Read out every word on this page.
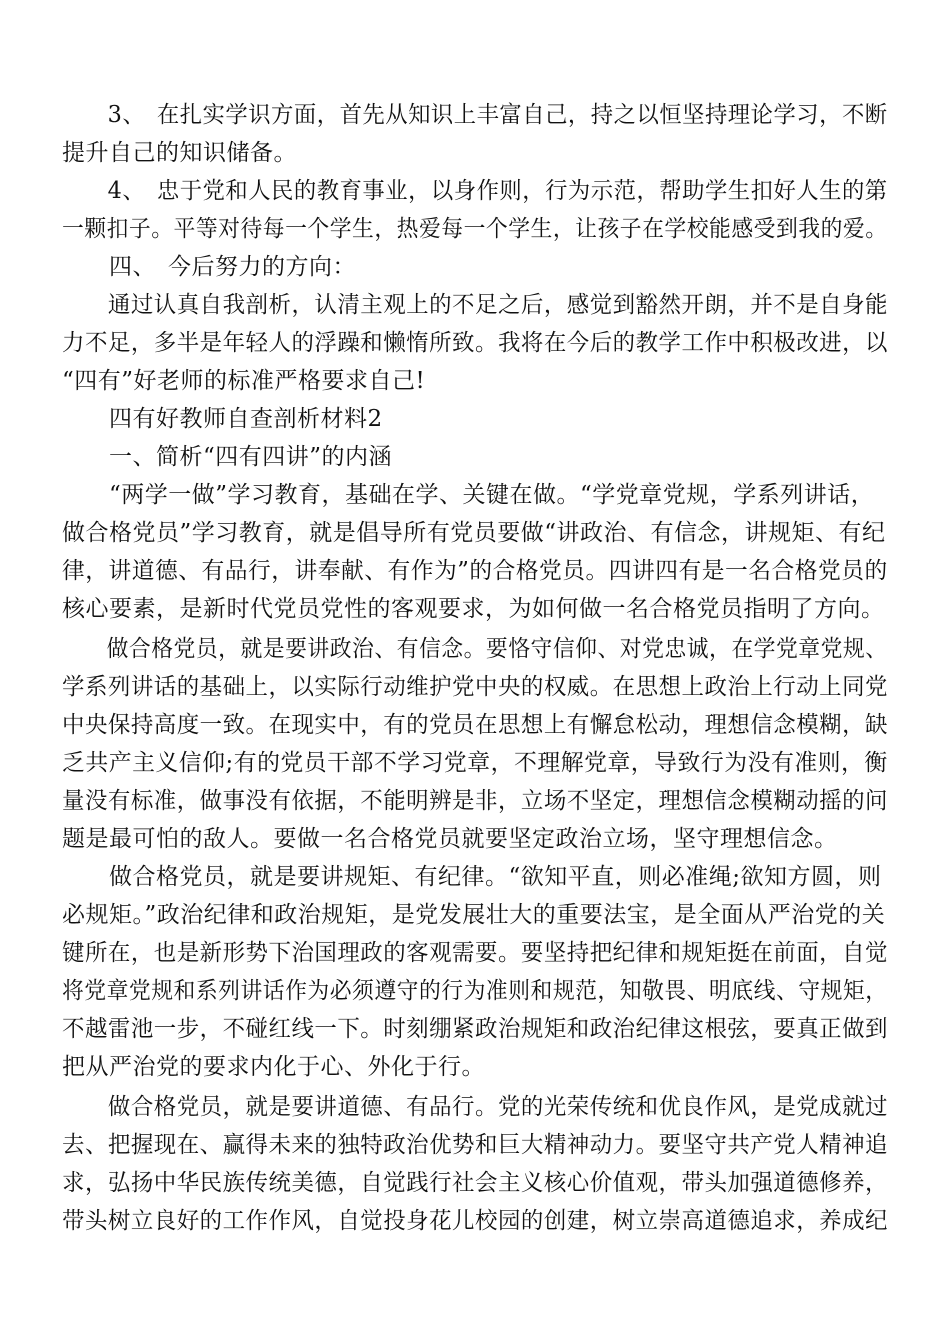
　　3、　在扎实学识方面，首先从知识上丰富自己，持之以恒坚持理论学习，不断
提升自己的知识储备。
　　4、　忠于党和人民的教育事业，以身作则，行为示范，帮助学生扣好人生的第
一颗扣子。平等对待每一个学生，热爱每一个学生，让孩子在学校能感受到我的爱。
　　四、　今后努力的方向：
　　通过认真自我剖析，认清主观上的不足之后，感觉到豁然开朗，并不是自身能
力不足，多半是年轻人的浮躁和懒惰所致。我将在今后的教学工作中积极改进，以
“四有”好老师的标准严格要求自己!
　　四有好教师自查剖析材料2
　　一、简析“四有四讲”的内涵
　　“两学一做”学习教育，基础在学、关键在做。“学党章党规，学系列讲话，
做合格党员”学习教育，就是倡导所有党员要做“讲政治、有信念，讲规矩、有纪
律，讲道德、有品行，讲奉献、有作为”的合格党员。四讲四有是一名合格党员的
核心要素，是新时代党员党性的客观要求，为如何做一名合格党员指明了方向。
　　做合格党员，就是要讲政治、有信念。要恪守信仰、对党忠诚，在学党章党规、
学系列讲话的基础上，以实际行动维护党中央的权威。在思想上政治上行动上同党
中央保持高度一致。在现实中，有的党员在思想上有懈怠松动，理想信念模糊，缺
乏共产主义信仰;有的党员干部不学习党章，不理解党章，导致行为没有准则，衡
量没有标准，做事没有依据，不能明辨是非，立场不坚定，理想信念模糊动摇的问
题是最可怕的敌人。要做一名合格党员就要坚定政治立场，坚守理想信念。
　　做合格党员，就是要讲规矩、有纪律。“欲知平直，则必准绳;欲知方圆，则
必规矩。”政治纪律和政治规矩，是党发展壮大的重要法宝，是全面从严治党的关
键所在，也是新形势下治国理政的客观需要。要坚持把纪律和规矩挺在前面，自觉
将党章党规和系列讲话作为必须遵守的行为准则和规范，知敬畏、明底线、守规矩，
不越雷池一步，不碰红线一下。时刻绷紧政治规矩和政治纪律这根弦，要真正做到
把从严治党的要求内化于心、外化于行。
　　做合格党员，就是要讲道德、有品行。党的光荣传统和优良作风，是党成就过
去、把握现在、赢得未来的独特政治优势和巨大精神动力。要坚守共产党人精神追
求，弘扬中华民族传统美德，自觉践行社会主义核心价值观，带头加强道德修养，
带头树立良好的工作作风，自觉投身花儿校园的创建，树立崇高道德追求，养成纪
